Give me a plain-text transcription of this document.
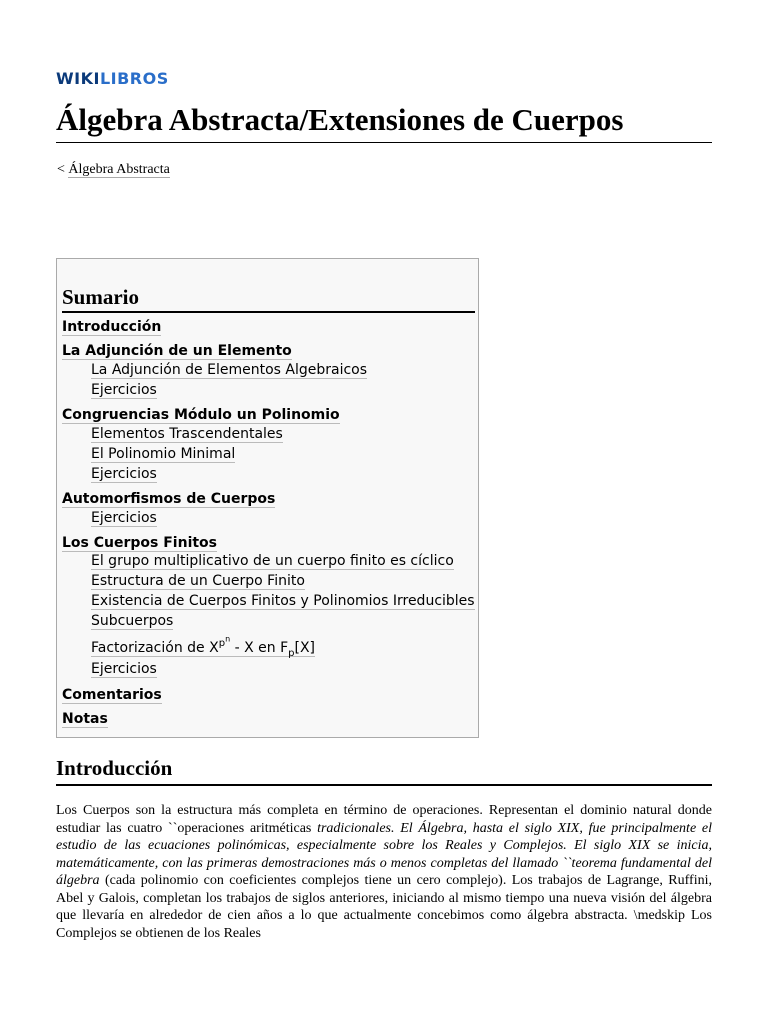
WIKILIBROS
Álgebra Abstracta/Extensiones de Cuerpos
< Álgebra Abstracta
Sumario
Introducción
La Adjunción de un Elemento
La Adjunción de Elementos Algebraicos
Ejercicios
Congruencias Módulo un Polinomio
Elementos Trascendentales
El Polinomio Minimal
Ejercicios
Automorfismos de Cuerpos
Ejercicios
Los Cuerpos Finitos
El grupo multiplicativo de un cuerpo finito es cíclico
Estructura de un Cuerpo Finito
Existencia de Cuerpos Finitos y Polinomios Irreducibles
Subcuerpos
Factorización de $X^{p^n}$ - X en $F_p[X]$
Ejercicios
Comentarios
Notas
Introducción

Los Cuerpos son la estructura más completa en término de operaciones. Representan el dominio natural donde estudiar las cuatro ``operaciones aritméticas tradicionales. El Álgebra, hasta el siglo XIX, fue principalmente el estudio de las ecuaciones polinómicas, especialmente sobre los Reales y Complejos. El siglo XIX se inicia, matemáticamente, con las primeras demostraciones más o menos completas del llamado ``teorema fundamental del álgebra (cada polinomio con coeficientes complejos tiene un cero complejo). Los trabajos de Lagrange, Ruffini, Abel y Galois, completan los trabajos de siglos anteriores, iniciando al mismo tiempo una nueva visión del álgebra que llevaría en alrededor de cien años a lo que actualmente concebimos como álgebra abstracta. \medskip Los Complejos se obtienen de los Reales
